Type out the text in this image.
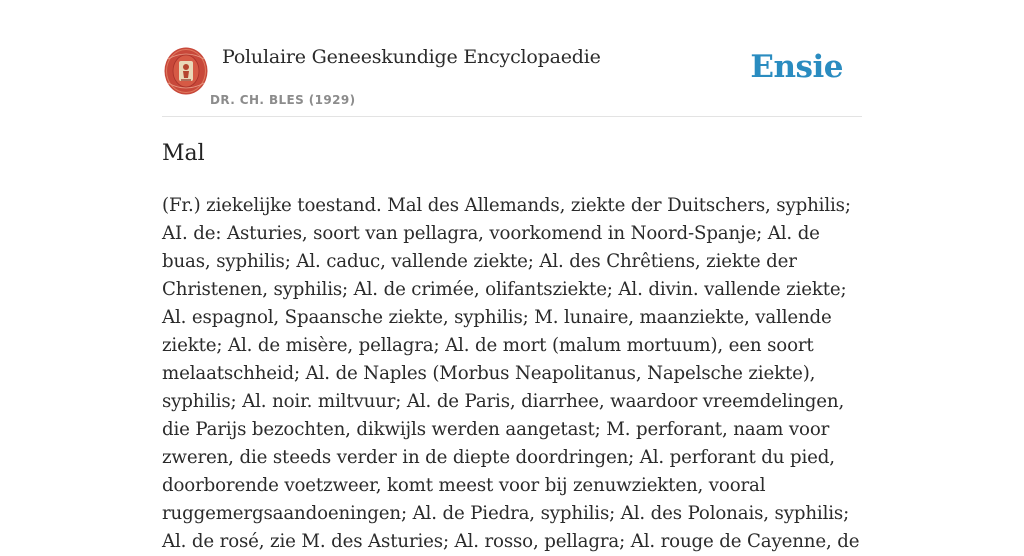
Polulaire Geneeskundige Encyclopaedie
DR. CH. BLES (1929)
Ensie
Mal

(Fr.) ziekelijke toestand. Mal des Allemands, ziekte der Duitschers, syphilis; AI. de: Asturies, soort van pellagra, voorkomend in Noord-Spanje; Al. de buas, syphilis; Al. caduc, vallende ziekte; Al. des Chrêtiens, ziekte der Christenen, syphilis; Al. de crimée, olifantsziekte; Al. divin. vallende ziekte; Al. espagnol, Spaansche ziekte, syphilis; M. lunaire, maanziekte, vallende ziekte; Al. de misère, pellagra; Al. de mort (malum mortuum), een soort melaatschheid; Al. de Naples (Morbus Neapolitanus, Napelsche ziekte), syphilis; Al. noir. miltvuur; Al. de Paris, diarrhee, waardoor vreemdelingen, die Parijs bezochten, dikwijls werden aangetast; M. perforant, naam voor zweren, die steeds verder in de diepte doordringen; Al. perforant du pied, doorborende voetzweer, komt meest voor bij zenuwziekten, vooral ruggemergsaandoeningen; Al. de Piedra, syphilis; Al. des Polonais, syphilis; Al. de rosé, zie M. des Asturies; Al. rosso, pellagra; Al. rouge de Cayenne, de
